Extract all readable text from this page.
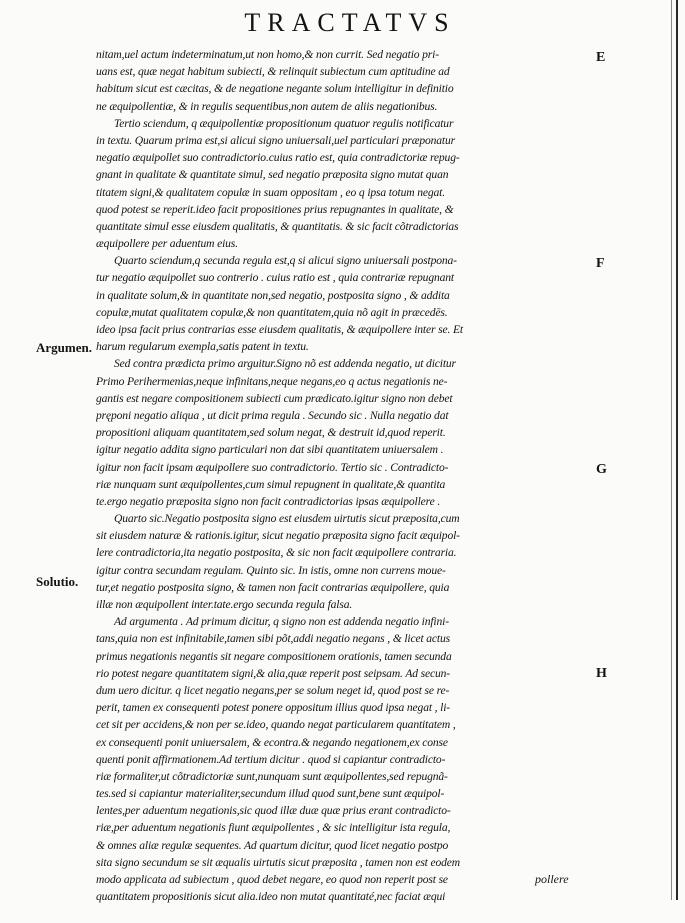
TRACTATVS
nitam,uel actum indeterminatum,ut non homo,& non currit. Sed negatio pri-
uans est, quæ negat habitum subiecti, & relinquit subiectum cum aptitudine ad
habitum sicut est cæcitas, & de negatione negante solum intelligitur in definitio
ne æquipollentiæ, & in regulis sequentibus,non autem de aliis negationibus.
Tertio sciendum, q æquipollentiæ propositionum quatuor regulis notificatur
in textu. Quarum prima est,si alicui signo uniuersali,uel particulari præponatur
negatio æquipollet suo contradictorio.cuius ratio est, quia contradictoriæ repug-
gnant in qualitate & quantitate simul, sed negatio præposita signo mutat quan
titatem signi,& qualitatem copulæ in suam oppositam , eo q ipsa totum negat.
quod potest se reperit.ideo facit propositiones prius repugnantes in qualitate, &
quantitate simul esse eiusdem qualitatis, & quantitatis. & sic facit cõtradictorias
æquipollere per aduentum eius.
Quarto sciendum,q secunda regula est,q si alicui signo uniuersali postpona-
tur negatio æquipollet suo contrerio . cuius ratio est , quia contrariæ repugnant
in qualitate solum,& in quantitate non,sed negatio, postposita signo , & addita
copulæ,mutat qualitatem copulæ,& non quantitatem,quia nõ agit in præcedēs.
ideo ipsa facit prius contrarias esse eiusdem qualitatis, & æquipollere inter se. Et
harum regularum exempla,satis patent in textu.
Sed contra prædicta primo arguitur.Signo nõ est addenda negatio, ut dicitur
Primo Perihermenias,neque infinitans,neque negans,eo q actus negationis ne-
gantis est negare compositionem subiecti cum prædicato.igitur signo non debet
pręponi negatio aliqua , ut dicit prima regula . Secundo sic . Nulla negatio dat
propositioni aliquam quantitatem,sed solum negat, & destruit id,quod reperit.
igitur negatio addita signo particulari non dat sibi quantitatem uniuersalem .
igitur non facit ipsam æquipollere suo contradictorio. Tertio sic . Contradicto-
riæ nunquam sunt æquipollentes,cum simul repugnent in qualitate,& quantita
te.ergo negatio præposita signo non facit contradictorias ipsas æquipollere .
Quarto sic.Negatio postposita signo est eiusdem uirtutis sicut præposita,cum
sit eiusdem naturæ & rationis.igitur, sicut negatio præposita signo facit æquipol-
lere contradictoria,ita negatio postposita, & sic non facit æquipollere contraria.
igitur contra secundam regulam. Quinto sic. In istis, omne non currens moue-
tur,et negatio postposita signo, & tamen non facit contrarias æquipollere, quia
illæ non æquipollent inter.tate.ergo secunda regula falsa.
Ad argumenta . Ad primum dicitur, q signo non est addenda negatio infini-
tans,quia non est infinitabile,tamen sibi põt,addi negatio negans , & licet actus
primus negationis negantis sit negare compositionem orationis, tamen secunda
rio potest negare quantitatem signi,& alia,quæ reperit post seipsam. Ad secun-
dum uero dicitur. q licet negatio negans,per se solum neget id, quod post se re-
perit, tamen ex consequenti potest ponere oppositum illius quod ipsa negat , li-
cet sit per accidens,& non per se.ideo, quando negat particularem quantitatem ,
ex consequenti ponit uniuersalem, & econtra.& negando negationem,ex conse
quenti ponit affirmationem.Ad tertium dicitur . quod si capiantur contradicto-
riæ formaliter,ut cõtradictoriæ sunt,nunquam sunt æquipollentes,sed repugnã-
tes.sed si capiantur materialiter,secundum illud quod sunt,bene sunt æquipol-
lentes,per aduentum negationis,sic quod illæ duæ quæ prius erant contradicto-
riæ,per aduentum negationis fiunt æquipollentes , & sic intelligitur ista regula,
& omnes aliæ regulæ sequentes. Ad quartum dicitur, quod licet negatio postpo
sita signo secundum se sit æqualis uirtutis sicut præposita , tamen non est eodem
modo applicata ad subiectum , quod debet negare, eo quod non reperit post se
quantitatem propositionis sicut alia.ideo non mutat quantitaté,nec faciat æqui
Argumen.
Solutio.
E
F
G
H
pollere
